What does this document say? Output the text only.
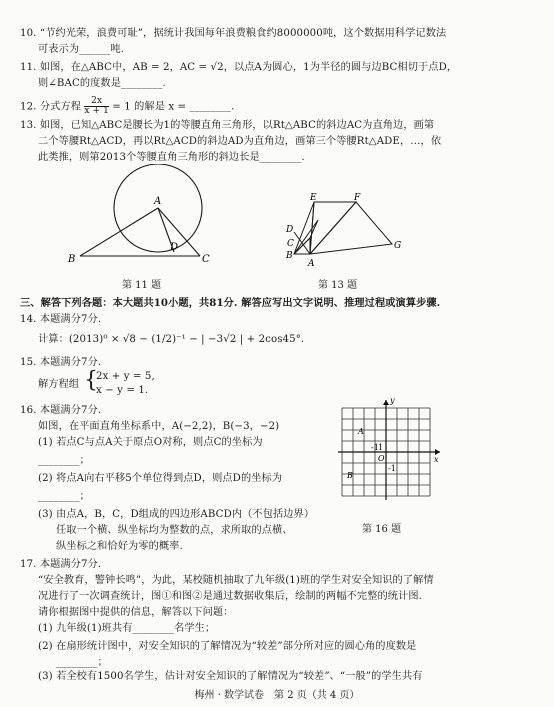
10. “节约光荣，浪费可耻”，据统计我国每年浪费粮食约8000000吨，这个数据用科学记数法
可表示为______吨.
11. 如图，在△ABC中，AB = 2，AC = √2，以点A为圆心，1为半径的圆与边BC相切于点D，
则∠BAC的度数是________.
12. 分式方程 $\frac{2x}{x + 1} = 1$ 的解是 x = ________.
13. 如图，已知△ABC是腰长为1的等腰直角三角形，以Rt△ABC的斜边AC为直角边，画第
二个等腰Rt△ACD，再以Rt△ACD的斜边AD为直角边，画第三个等腰Rt△ADE，…，依
此类推，则第2013个等腰直角三角形的斜边长是________.
A
B	C
D
第 11 题
A
B
C
D
E	F
G
第 13 题
三、解答下列各题：本大题共10小题，共81分. 解答应写出文字说明、推理过程或演算步骤.
14. 本题满分7分.
计算：(2013)⁰ × √8 − (1/2)⁻¹ − | −3√2 | + 2cos45°.
15. 本题满分7分.
解方程组 {
2x + y = 5,
x − y = 1.
16. 本题满分7分.
如图，在平面直角坐标系中，A(−2,2)，B(−3，−2)
(1) 若点C与点A关于原点O对称，则点C的坐标为
________；
(2) 将点A向右平移5个单位得到点D，则点D的坐标为
________；
(3) 由点A，B，C，D组成的四边形ABCD内（不包括边界）
任取一个横、纵坐标均为整数的点，求所取的点横、
纵坐标之和恰好为零的概率.
x
y
O
A
B
1
-1
-1
第 16 题
17. 本题满分7分.
“安全教育，警钟长鸣”，为此，某校随机抽取了九年级(1)班的学生对安全知识的了解情
况进行了一次调查统计，图①和图②是通过数据收集后，绘制的两幅不完整的统计图.
请你根据图中提供的信息，解答以下问题：
(1) 九年级(1)班共有________名学生；
(2) 在扇形统计图中，对安全知识的了解情况为“较差”部分所对应的圆心角的度数是
________；
(3) 若全校有1500名学生，估计对安全知识的了解情况为“较差”、“一般”的学生共有
梅州 · 数学试卷　第 2 页（共 4 页）
